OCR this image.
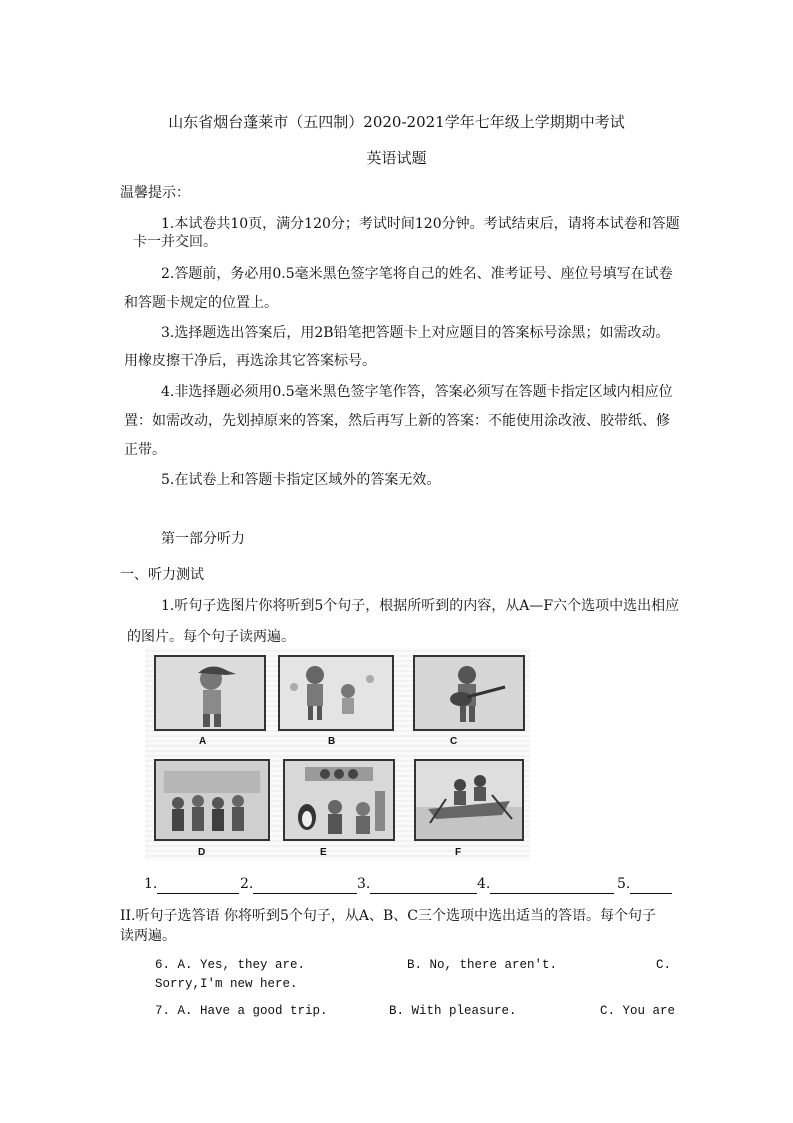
山东省烟台蓬莱市（五四制）2020-2021学年七年级上学期期中考试
英语试题
温馨提示：
1.本试卷共10页，满分120分；考试时间120分钟。考试结束后，请将本试卷和答题
卡一并交回。
2.答题前，务必用0.5毫米黑色签字笔将自己的姓名、准考证号、座位号填写在试卷
和答题卡规定的位置上。
3.选择题选出答案后，用2B铅笔把答题卡上对应题目的答案标号涂黑；如需改动。
用橡皮擦干净后，再选涂其它答案标号。
4.非选择题必须用0.5毫米黑色签字笔作答，答案必须写在答题卡指定区域内相应位
置：如需改动，先划掉原来的答案，然后再写上新的答案：不能使用涂改液、胶带纸、修
正带。
5.在试卷上和答题卡指定区域外的答案无效。
第一部分听力
一、听力测试
1.听句子选图片你将听到5个句子，根据所听到的内容，从A—F六个选项中选出相应
的图片。每个句子读两遍。
A	B	C
D	E	F
1.	2.	3.	4.	5.
II.听句子选答语 你将听到5个句子，从A、B、C三个选项中选出适当的答语。每个句子
读两遍。
6. A. Yes, they are.	B. No, there aren't.	C.
Sorry,I'm new here.
7. A. Have a good trip.	B. With pleasure.	C. You are
